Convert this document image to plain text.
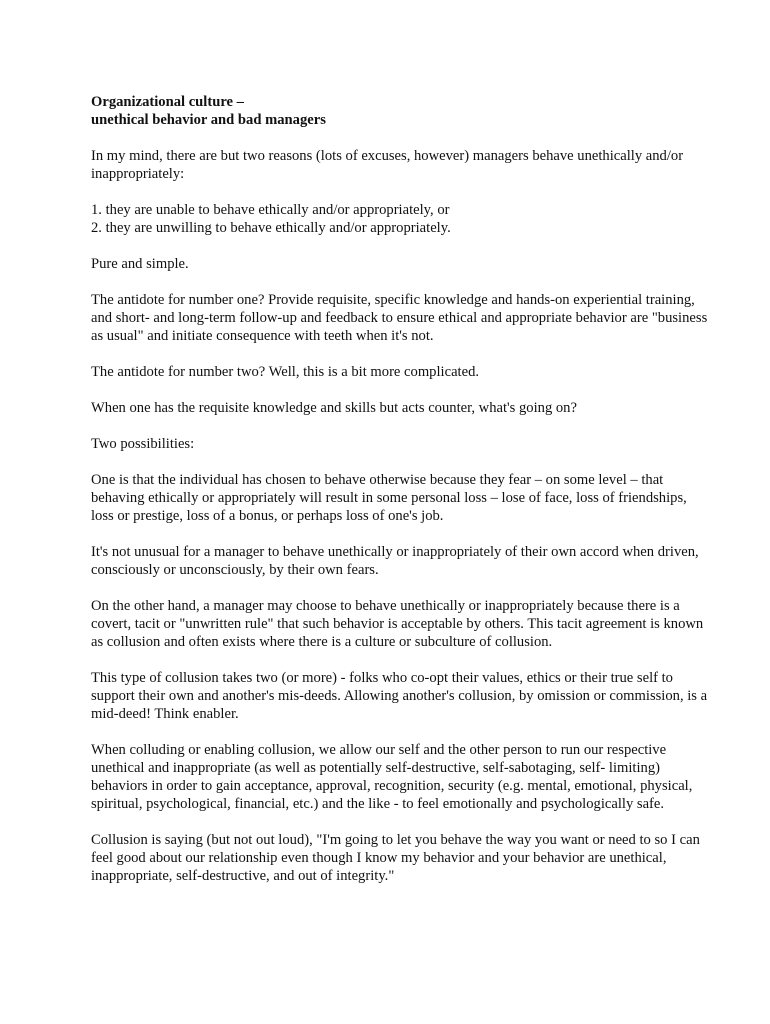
Organizational culture –
unethical behavior and bad managers

In my mind, there are but two reasons (lots of excuses, however) managers behave unethically and/or inappropriately:

1. they are unable to behave ethically and/or appropriately, or
2. they are unwilling to behave ethically and/or appropriately.

Pure and simple.

The antidote for number one? Provide requisite, specific knowledge and hands-on experiential training, and short- and long-term follow-up and feedback to ensure ethical and appropriate behavior are "business as usual" and initiate consequence with teeth when it's not.

The antidote for number two? Well, this is a bit more complicated.

When one has the requisite knowledge and skills but acts counter, what's going on?

Two possibilities:

One is that the individual has chosen to behave otherwise because they fear – on some level – that behaving ethically or appropriately will result in some personal loss – lose of face, loss of friendships, loss or prestige, loss of a bonus, or perhaps loss of one's job.

It's not unusual for a manager to behave unethically or inappropriately of their own accord when driven, consciously or unconsciously, by their own fears.

On the other hand, a manager may choose to behave unethically or inappropriately because there is a covert, tacit or "unwritten rule" that such behavior is acceptable by others. This tacit agreement is known as collusion and often exists where there is a culture or subculture of collusion.

This type of collusion takes two (or more) - folks who co-opt their values, ethics or their true self to support their own and another's mis-deeds. Allowing another's collusion, by omission or commission, is a mid-deed! Think enabler.

When colluding or enabling collusion, we allow our self and the other person to run our respective unethical and inappropriate (as well as potentially self-destructive, self-sabotaging, self- limiting) behaviors in order to gain acceptance, approval, recognition, security (e.g. mental, emotional, physical, spiritual, psychological, financial, etc.) and the like - to feel emotionally and psychologically safe.

Collusion is saying (but not out loud), "I'm going to let you behave the way you want or need to so I can feel good about our relationship even though I know my behavior and your behavior are unethical, inappropriate, self-destructive, and out of integrity."
